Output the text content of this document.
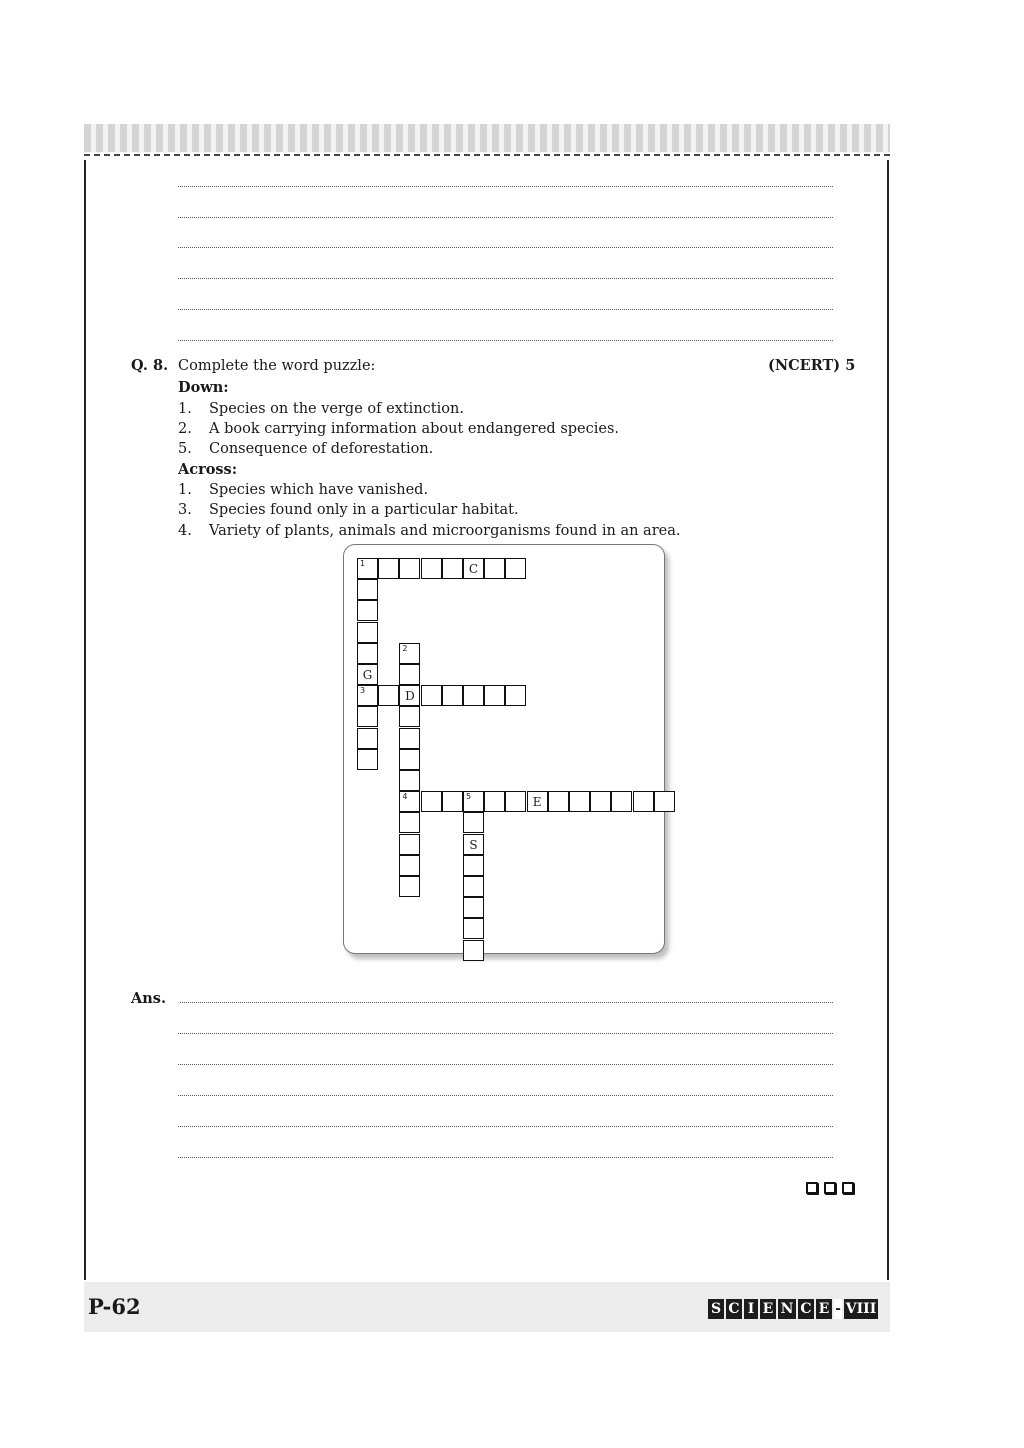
Q. 8. Complete the word puzzle:	(NCERT) 5
Down:
1. Species on the verge of extinction.
2. A book carrying information about endangered species.
5. Consequence of deforestation.
Across:
1. Species which have vanished.
3. Species found only in a particular habitat.
4. Variety of plants, animals and microorganisms found in an area.
1	C
G
3
2
D
4	5	E
S
Ans.
P-62	S C I E N C E - VIII
